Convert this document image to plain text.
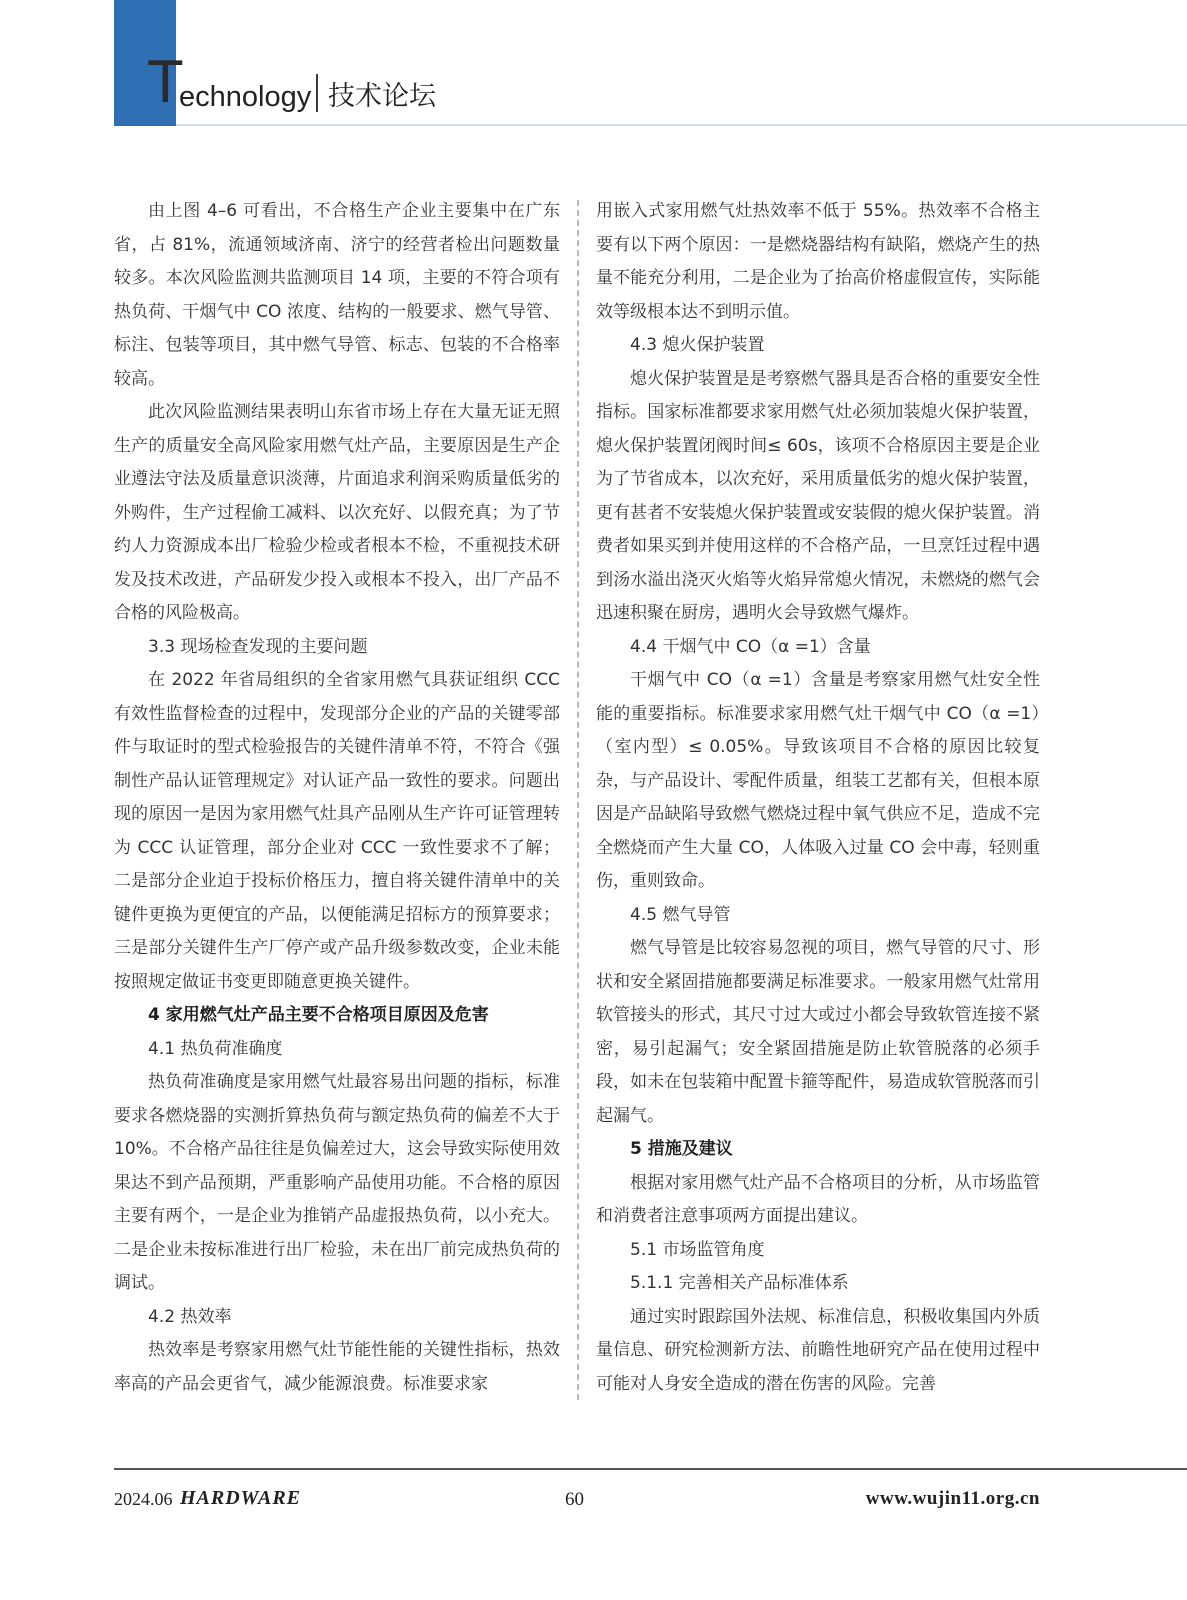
T
echnology 技术论坛

由上图 4–6 可看出，不合格生产企业主要集中在广东省，占 81%，流通领域济南、济宁的经营者检出问题数量较多。本次风险监测共监测项目 14 项，主要的不符合项有热负荷、干烟气中 CO 浓度、结构的一般要求、燃气导管、标注、包装等项目，其中燃气导管、标志、包装的不合格率较高。

此次风险监测结果表明山东省市场上存在大量无证无照生产的质量安全高风险家用燃气灶产品，主要原因是生产企业遵法守法及质量意识淡薄，片面追求利润采购质量低劣的外购件，生产过程偷工减料、以次充好、以假充真；为了节约人力资源成本出厂检验少检或者根本不检，不重视技术研发及技术改进，产品研发少投入或根本不投入，出厂产品不合格的风险极高。

3.3 现场检查发现的主要问题

在 2022 年省局组织的全省家用燃气具获证组织 CCC 有效性监督检查的过程中，发现部分企业的产品的关键零部件与取证时的型式检验报告的关键件清单不符，不符合《强制性产品认证管理规定》对认证产品一致性的要求。问题出现的原因一是因为家用燃气灶具产品刚从生产许可证管理转为 CCC 认证管理，部分企业对 CCC 一致性要求不了解；二是部分企业迫于投标价格压力，擅自将关键件清单中的关键件更换为更便宜的产品，以便能满足招标方的预算要求；三是部分关键件生产厂停产或产品升级参数改变，企业未能按照规定做证书变更即随意更换关键件。

4 家用燃气灶产品主要不合格项目原因及危害

4.1 热负荷准确度

热负荷准确度是家用燃气灶最容易出问题的指标，标准要求各燃烧器的实测折算热负荷与额定热负荷的偏差不大于 10%。不合格产品往往是负偏差过大，这会导致实际使用效果达不到产品预期，严重影响产品使用功能。不合格的原因主要有两个，一是企业为推销产品虚报热负荷，以小充大。二是企业未按标准进行出厂检验，未在出厂前完成热负荷的调试。

4.2 热效率

热效率是考察家用燃气灶节能性能的关键性指标，热效率高的产品会更省气，减少能源浪费。标准要求家

用嵌入式家用燃气灶热效率不低于 55%。热效率不合格主要有以下两个原因：一是燃烧器结构有缺陷，燃烧产生的热量不能充分利用，二是企业为了抬高价格虚假宣传，实际能效等级根本达不到明示值。

4.3 熄火保护装置

熄火保护装置是是考察燃气器具是否合格的重要安全性指标。国家标准都要求家用燃气灶必须加装熄火保护装置，熄火保护装置闭阀时间≤ 60s，该项不合格原因主要是企业为了节省成本，以次充好，采用质量低劣的熄火保护装置，更有甚者不安装熄火保护装置或安装假的熄火保护装置。消费者如果买到并使用这样的不合格产品，一旦烹饪过程中遇到汤水溢出浇灭火焰等火焰异常熄火情况，未燃烧的燃气会迅速积聚在厨房，遇明火会导致燃气爆炸。

4.4 干烟气中 CO（α =1）含量

干烟气中 CO（α =1）含量是考察家用燃气灶安全性能的重要指标。标准要求家用燃气灶干烟气中 CO（α =1）（室内型）≤ 0.05%。导致该项目不合格的原因比较复杂，与产品设计、零配件质量，组装工艺都有关，但根本原因是产品缺陷导致燃气燃烧过程中氧气供应不足，造成不完全燃烧而产生大量 CO，人体吸入过量 CO 会中毒，轻则重伤，重则致命。

4.5 燃气导管

燃气导管是比较容易忽视的项目，燃气导管的尺寸、形状和安全紧固措施都要满足标准要求。一般家用燃气灶常用软管接头的形式，其尺寸过大或过小都会导致软管连接不紧密，易引起漏气；安全紧固措施是防止软管脱落的必须手段，如未在包装箱中配置卡箍等配件，易造成软管脱落而引起漏气。

5 措施及建议

根据对家用燃气灶产品不合格项目的分析，从市场监管和消费者注意事项两方面提出建议。

5.1 市场监管角度

5.1.1 完善相关产品标准体系

通过实时跟踪国外法规、标准信息，积极收集国内外质量信息、研究检测新方法、前瞻性地研究产品在使用过程中可能对人身安全造成的潜在伤害的风险。完善

2024.06 HARDWARE	60	www.wujin11.org.cn
